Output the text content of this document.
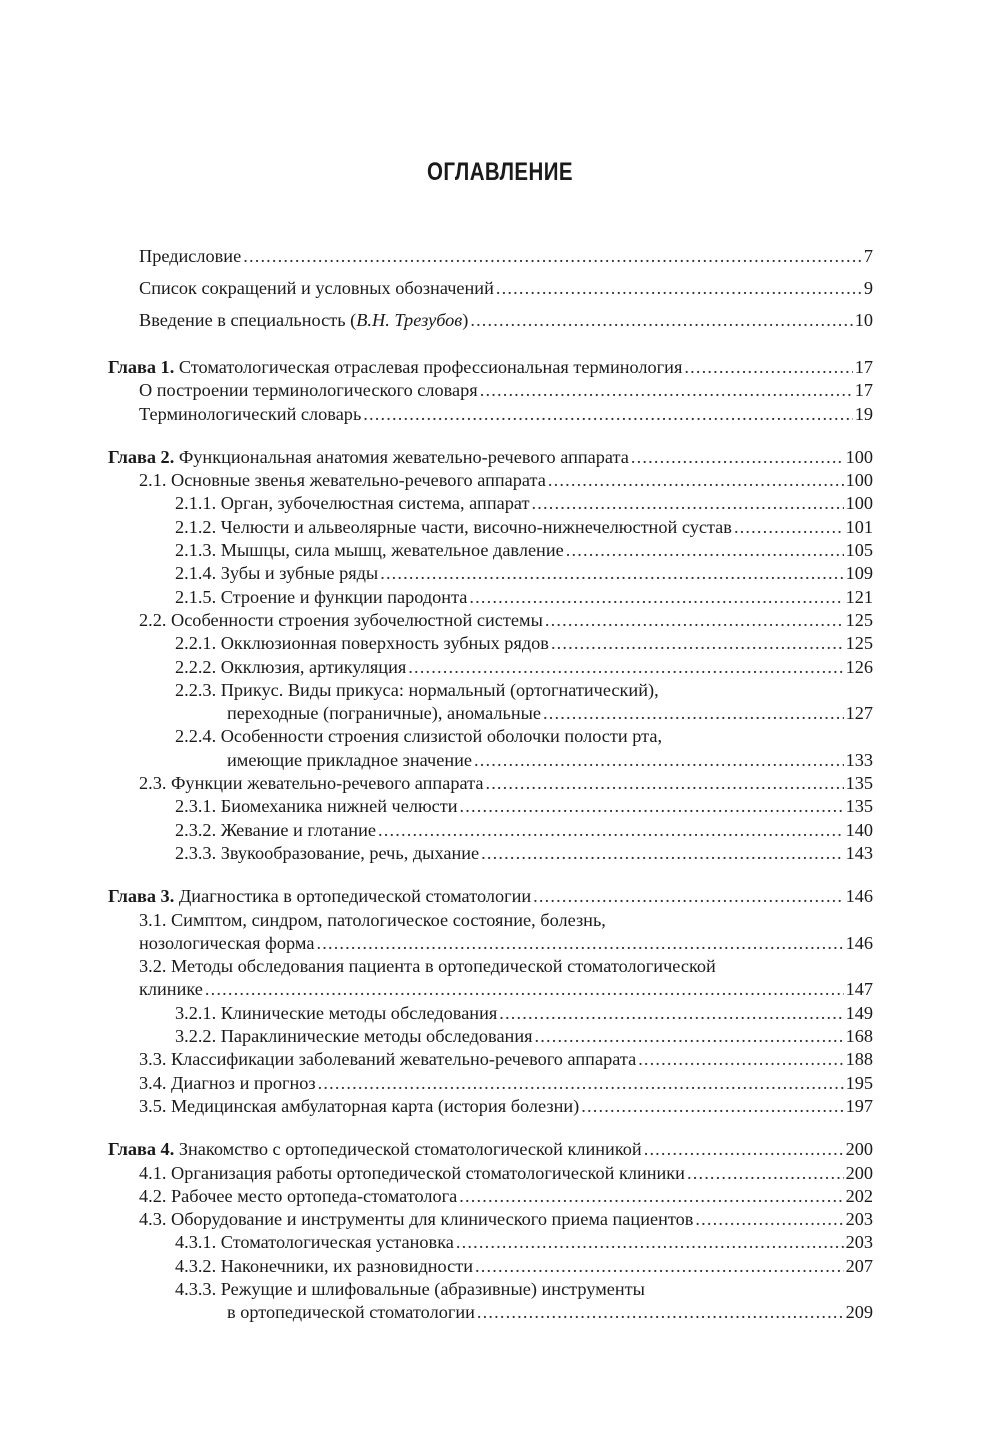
ОГЛАВЛЕНИЕ
Предисловие . . .	7
Список сокращений и условных обозначений . . .	9
Введение в специальность (В.Н. Трезубов) . . .	10
Глава 1. Стоматологическая отраслевая профессиональная терминология . . .	17
О построении терминологического словаря . . .	17
Терминологический словарь . . .	19
Глава 2. Функциональная анатомия жевательно-речевого аппарата . . .	100
2.1. Основные звенья жевательно-речевого аппарата . . .	100
2.1.1. Орган, зубочелюстная система, аппарат . . .	100
2.1.2. Челюсти и альвеолярные части, височно-нижнечелюстной сустав . . .	101
2.1.3. Мышцы, сила мышц, жевательное давление . . .	105
2.1.4. Зубы и зубные ряды . . .	109
2.1.5. Строение и функции пародонта . . .	121
2.2. Особенности строения зубочелюстной системы . . .	125
2.2.1. Окклюзионная поверхность зубных рядов . . .	125
2.2.2. Окклюзия, артикуляция . . .	126
2.2.3. Прикус. Виды прикуса: нормальный (ортогнатический),
переходные (пограничные), аномальные . . .	127
2.2.4. Особенности строения слизистой оболочки полости рта,
имеющие прикладное значение . . .	133
2.3. Функции жевательно-речевого аппарата . . .	135
2.3.1. Биомеханика нижней челюсти . . .	135
2.3.2. Жевание и глотание . . .	140
2.3.3. Звукообразование, речь, дыхание . . .	143
Глава 3. Диагностика в ортопедической стоматологии . . .	146
3.1. Симптом, синдром, патологическое состояние, болезнь,
нозологическая форма . . .	146
3.2. Методы обследования пациента в ортопедической стоматологической
клинике . . .	147
3.2.1. Клинические методы обследования . . .	149
3.2.2. Параклинические методы обследования . . .	168
3.3. Классификации заболеваний жевательно-речевого аппарата . . .	188
3.4. Диагноз и прогноз . . .	195
3.5. Медицинская амбулаторная карта (история болезни) . . .	197
Глава 4. Знакомство с ортопедической стоматологической клиникой . . .	200
4.1. Организация работы ортопедической стоматологической клиники . . .	200
4.2. Рабочее место ортопеда-стоматолога . . .	202
4.3. Оборудование и инструменты для клинического приема пациентов . . .	203
4.3.1. Стоматологическая установка . . .	203
4.3.2. Наконечники, их разновидности . . .	207
4.3.3. Режущие и шлифовальные (абразивные) инструменты
в ортопедической стоматологии . . .	209
